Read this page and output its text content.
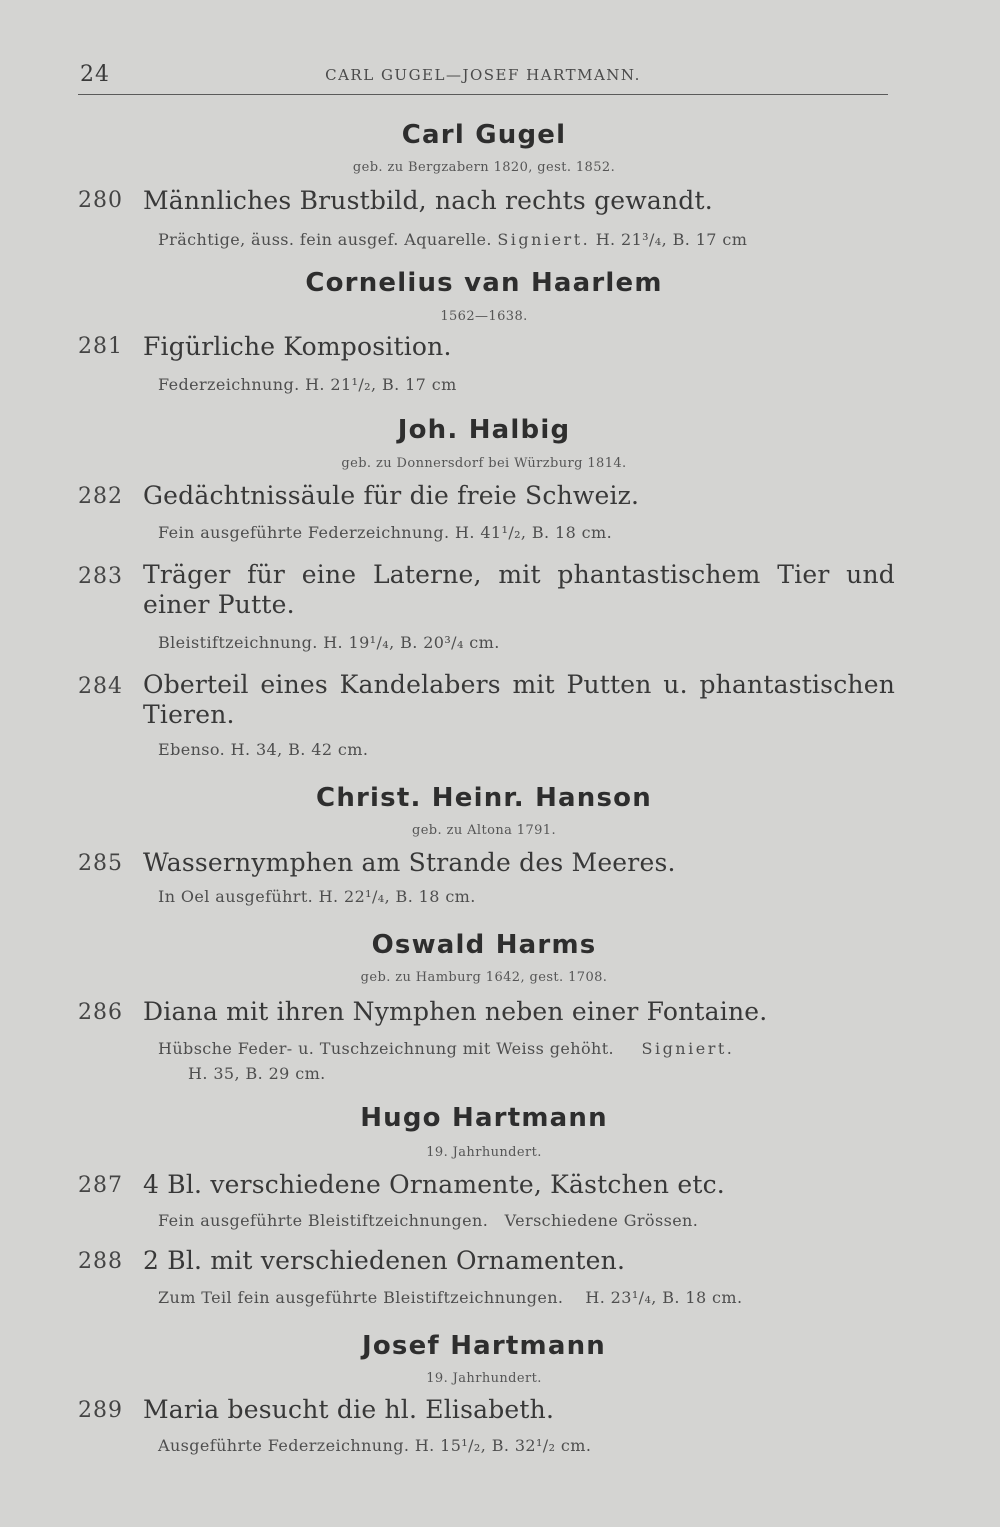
24	CARL GUGEL—JOSEF HARTMANN.
Carl Gugel
geb. zu Bergzabern 1820, gest. 1852.
280 Männliches Brustbild, nach rechts gewandt.
Prächtige, äuss. fein ausgef. Aquarelle. Signiert. H. 21³/₄, B. 17 cm
Cornelius van Haarlem
1562—1638.
281 Figürliche Komposition.
Federzeichnung. H. 21¹/₂, B. 17 cm
Joh. Halbig
geb. zu Donnersdorf bei Würzburg 1814.
282 Gedächtnissäule für die freie Schweiz.
Fein ausgeführte Federzeichnung. H. 41¹/₂, B. 18 cm.
283 Träger für eine Laterne, mit phantastischem Tier und einer Putte.
Bleistiftzeichnung. H. 19¹/₄, B. 20³/₄ cm.
284 Oberteil eines Kandelabers mit Putten u. phantastischen Tieren.
Ebenso. H. 34, B. 42 cm.
Christ. Heinr. Hanson
geb. zu Altona 1791.
285 Wassernymphen am Strande des Meeres.
In Oel ausgeführt. H. 22¹/₄, B. 18 cm.
Oswald Harms
geb. zu Hamburg 1642, gest. 1708.
286 Diana mit ihren Nymphen neben einer Fontaine.
Hübsche Feder- u. Tuschzeichnung mit Weiss gehöht. Signiert.
H. 35, B. 29 cm.
Hugo Hartmann
19. Jahrhundert.
287 4 Bl. verschiedene Ornamente, Kästchen etc.
Fein ausgeführte Bleistiftzeichnungen. Verschiedene Grössen.
288 2 Bl. mit verschiedenen Ornamenten.
Zum Teil fein ausgeführte Bleistiftzeichnungen. H. 23¹/₄, B. 18 cm.
Josef Hartmann
19. Jahrhundert.
289 Maria besucht die hl. Elisabeth.
Ausgeführte Federzeichnung. H. 15¹/₂, B. 32¹/₂ cm.
